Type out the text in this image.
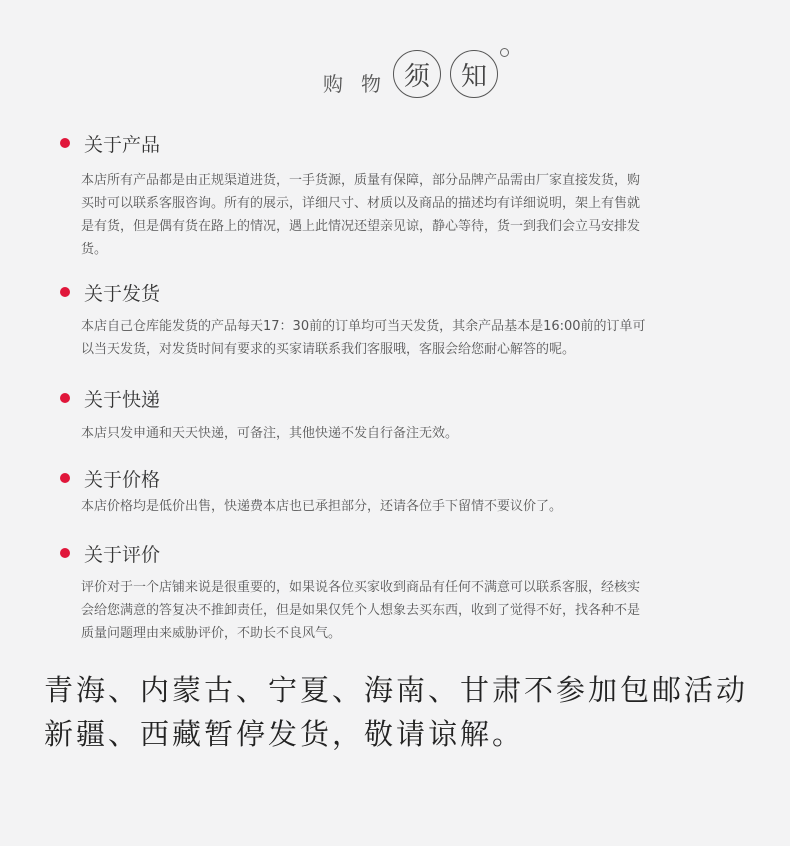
购 物 须	知
关于产品
本店所有产品都是由正规渠道进货，一手货源，质量有保障，部分品牌产品需由厂家直接发货，购
买时可以联系客服咨询。所有的展示，详细尺寸、材质以及商品的描述均有详细说明，架上有售就
是有货，但是偶有货在路上的情况，遇上此情况还望亲见谅，静心等待，货一到我们会立马安排发
货。
关于发货
本店自己仓库能发货的产品每天17：30前的订单均可当天发货，其余产品基本是16:00前的订单可
以当天发货，对发货时间有要求的买家请联系我们客服哦，客服会给您耐心解答的呢。
关于快递
本店只发申通和天天快递，可备注，其他快递不发自行备注无效。
关于价格
本店价格均是低价出售，快递费本店也已承担部分，还请各位手下留情不要议价了。
关于评价
评价对于一个店铺来说是很重要的，如果说各位买家收到商品有任何不满意可以联系客服，经核实
会给您满意的答复决不推卸责任，但是如果仅凭个人想象去买东西，收到了觉得不好，找各种不是
质量问题理由来威胁评价，不助长不良风气。
青海、内蒙古、宁夏、海南、甘肃不参加包邮活动
新疆、西藏暂停发货，敬请谅解。
